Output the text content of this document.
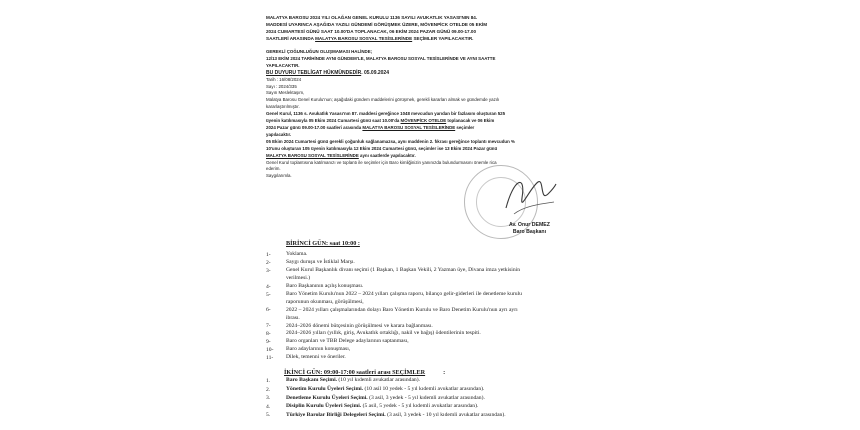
MALATYA BAROSU 2024 YILI OLAĞAN GENEL KURULU 1136 SAYILI AVUKATLIK YASASI'NIN 84.
MADDESİ UYARINCA AŞAĞIDA YAZILI GÜNDEMİ GÖRÜŞMEK ÜZERE, MÖVENPİCK OTELDE 05 EKİM
2024 CUMARTESİ GÜNÜ SAAT 10.00'DA TOPLANACAK, 06 EKİM 2024 PAZAR GÜNÜ 09.00-17.00
SAATLERİ ARASINDA MALATYA BAROSU SOSYAL TESİSLERİNDE SEÇİMLER YAPILACAKTIR.
GEREKLİ ÇOĞUNLUĞUN OLUŞMAMASI HALİNDE;
12/13 EKİM 2024 TARİHİNDE AYNI GÜNDEM'LE, MALATYA BAROSU SOSYAL TESİSLERİNDE VE AYNI SAATTE
YAPILACAKTIR.
BU DUYURU TEBLİGAT HÜKMÜNDEDİR. 05.09.2024
Tarih : 16/08/2024
Sayı : 2024/335
Sayın Meslektaşım,
Malatya Barosu Genel Kurulu'nun; aşağıdaki gündem maddelerini görüşmek, gerekli kararları almak ve gündemde yazılı
kararlaştırılmıştır.
Genel Kurul, 1136 s. Avukatlık Yasası'nın 87. maddesi gereğince 1048 mevcudun yarıdan bir fazlasını oluşturan 525
üyenin katılımasıyla 05 Ekim 2024 Cumartesi günü saat 10.00'da MÖVENPİCK OTELDE toplanacak ve 06 Ekim
2024 Pazar günü 09.00-17.00 saatleri arasında MALATYA BAROSU SOSYAL TESİSLERİNDE seçimler
yapılacaktır.
05 Ekim 2024 Cumartesi günü gerekli çoğunluk sağlanamazsa, aynı maddenin 2. fıkrası gereğince toplantı mevcudun %
10'unu oluşturan 105 üyenin katılımasıyla 12 Ekim 2024 Cumartesi günü, seçimler ise 13 Ekim 2024 Pazar günü
MALATYA BAROSU SOSYAL TESİSLERİNDE aynı saatlerde yapılacaktır.
Genel Kurul toplantısına katılmanızı ve toplantı ile seçimler için Baro kimliğinizin yanınızda bulundurmasını önemle rica
ederim.
Saygılarımla.
Av. Onur DEMEZ
Baro Başkanı
BİRİNCİ GÜN: saat 10:00 :
1-	Yoklama.
2-	Saygı duruşu ve İstiklal Marşı.
3-	Genel Kurul Başkanlık divanı seçimi (1 Başkan, 1 Başkan Vekili, 2 Yazman üye, Divana imza yetkisinin
verilmesi.)
4-	Baro Başkanının açılış konuşması.
5-	Baro Yönetim Kurulu'nun 2022 – 2024 yılları çalışma raporu, bilanço gelir-giderleri ile denetleme kurulu
raporunun okunması, görüşülmesi,
6-	2022 – 2024 yılları çalışmalarından dolayı Baro Yönetim Kurulu ve Baro Denetim Kurulu'nun ayrı ayrı
ibrası.
7-	2024–2026 dönemi bütçesinin görüşülmesi ve karara bağlanması.
8-	2024–2026 yılları (yıllık, giriş, Avukatlık ortaklığı, nakil ve bağış) ödentilerinin tespiti.
9-	Baro organları ve TBB Delege adaylarının saptanması,
10- Baro adaylarının konuşması,
11- Dilek, temenni ve öneriler.
İKİNCİ GÜN: 09:00-17:00 saatleri arası SEÇİMLER	:
1.	Baro Başkanı Seçimi. (10 yıl kıdemli avukatlar arasından).
2.	Yönetim Kurulu Üyeleri Seçimi. (10 asil 10 yedek - 5 yıl kıdemli avukatlar arasından).
3.	Denetleme Kurulu Üyeleri Seçimi. (3 asil, 3 yedek - 5 yıl kıdemli avukatlar arasından).
4.	Disiplin Kurulu Üyeleri Seçimi. (5 asil, 5 yedek - 5 yıl kıdemli avukatlar arasından).
5.	Türkiye Barolar Birliği Delegeleri Seçimi. (3 asil, 3 yedek - 10 yıl kıdemli avukatlar arasından).
